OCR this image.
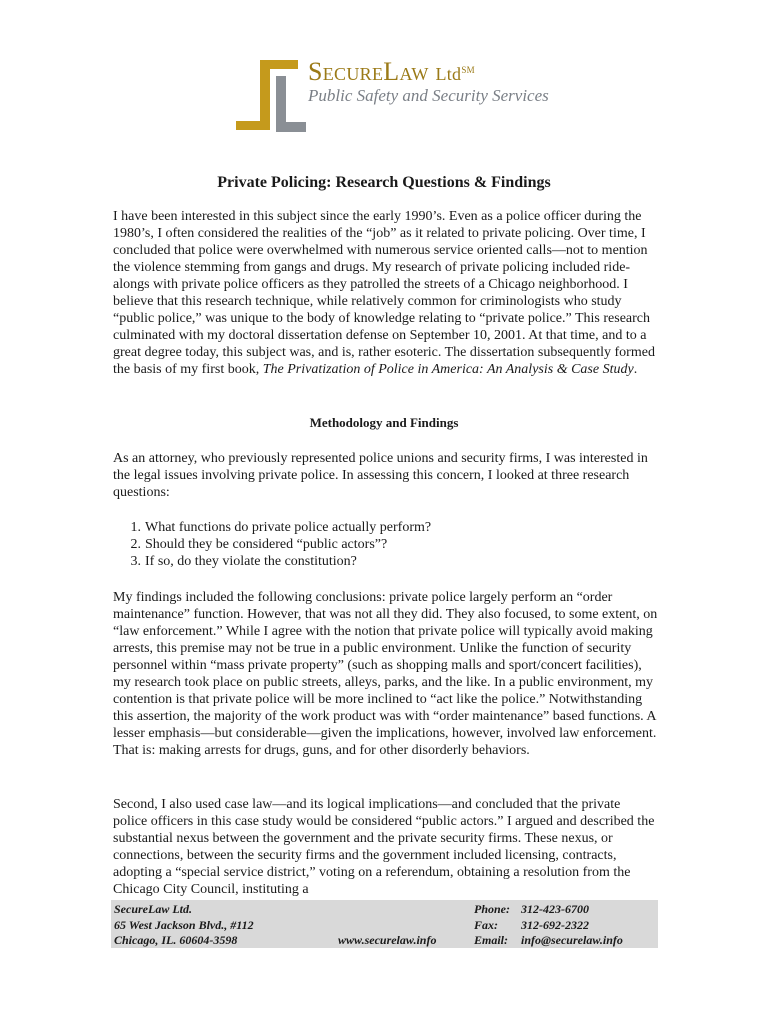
SECURELAW Ltd℠
Public Safety and Security Services
Private Policing: Research Questions & Findings

I have been interested in this subject since the early 1990’s. Even as a police officer during the 1980’s, I often considered the realities of the “job” as it related to private policing. Over time, I concluded that police were overwhelmed with numerous service oriented calls—not to mention the violence stemming from gangs and drugs. My research of private policing included ride-alongs with private police officers as they patrolled the streets of a Chicago neighborhood. I believe that this research technique, while relatively common for criminologists who study “public police,” was unique to the body of knowledge relating to “private police.” This research culminated with my doctoral dissertation defense on September 10, 2001. At that time, and to a great degree today, this subject was, and is, rather esoteric. The dissertation subsequently formed the basis of my first book, The Privatization of Police in America: An Analysis & Case Study.

Methodology and Findings

As an attorney, who previously represented police unions and security firms, I was interested in the legal issues involving private police. In assessing this concern, I looked at three research questions:

1. What functions do private police actually perform?
2. Should they be considered “public actors”?
3. If so, do they violate the constitution?

My findings included the following conclusions: private police largely perform an “order maintenance” function. However, that was not all they did. They also focused, to some extent, on “law enforcement.” While I agree with the notion that private police will typically avoid making arrests, this premise may not be true in a public environment. Unlike the function of security personnel within “mass private property” (such as shopping malls and sport/concert facilities), my research took place on public streets, alleys, parks, and the like. In a public environment, my contention is that private police will be more inclined to “act like the police.” Notwithstanding this assertion, the majority of the work product was with “order maintenance” based functions. A lesser emphasis—but considerable—given the implications, however, involved law enforcement. That is: making arrests for drugs, guns, and for other disorderly behaviors.

Second, I also used case law—and its logical implications—and concluded that the private police officers in this case study would be considered “public actors.” I argued and described the substantial nexus between the government and the private security firms. These nexus, or connections, between the security firms and the government included licensing, contracts, adopting a “special service district,” voting on a referendum, obtaining a resolution from the Chicago City Council, instituting a

SecureLaw Ltd.
65 West Jackson Blvd., #112
Chicago, IL. 60604-3598	www.securelaw.info
Phone: 312-423-6700
Fax: 312-692-2322
Email: info@securelaw.info
